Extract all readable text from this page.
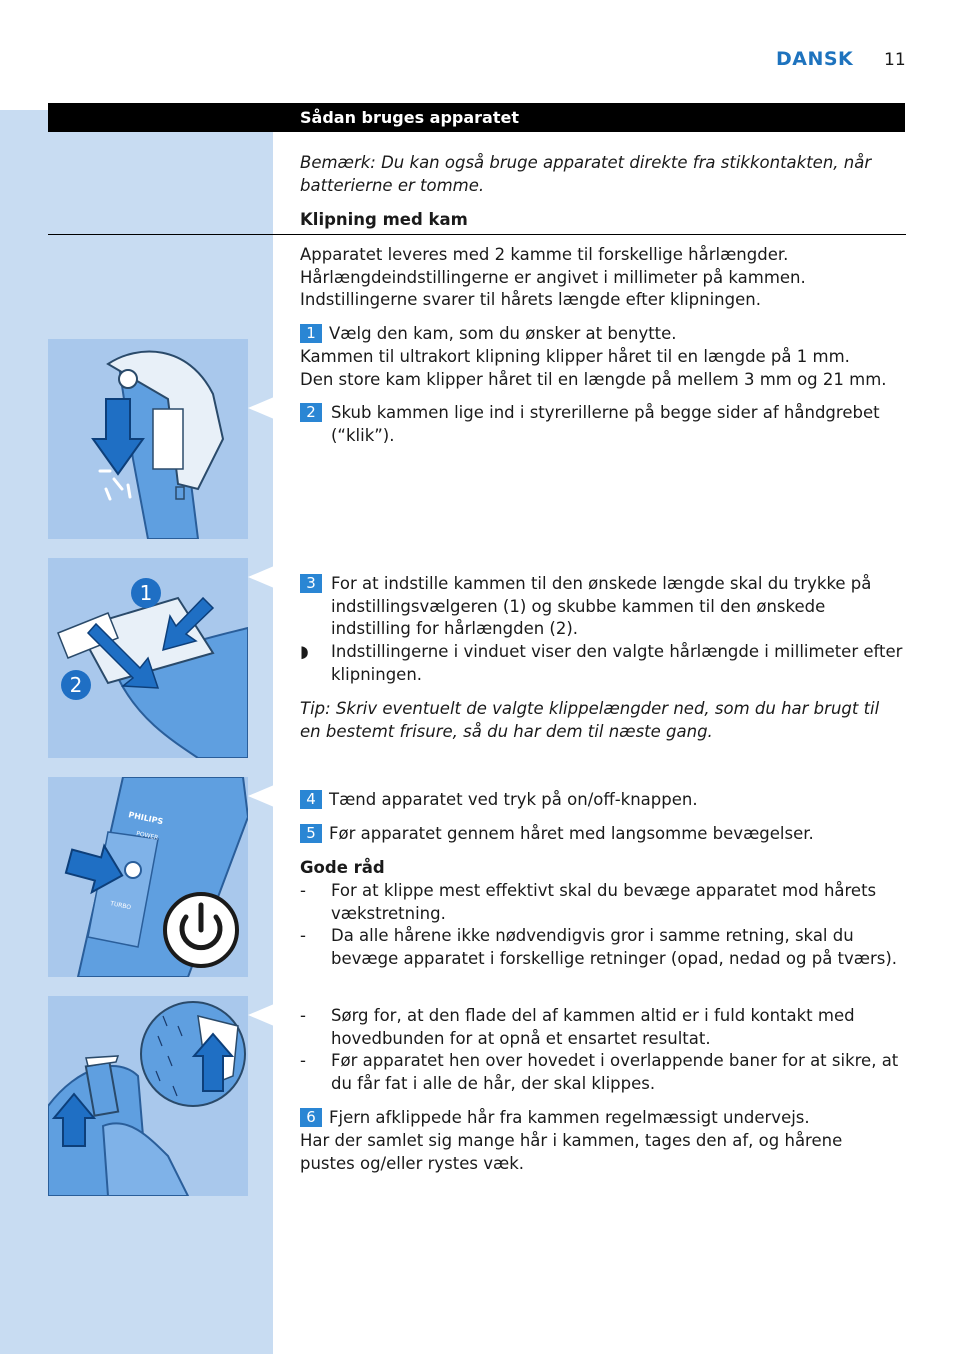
DANSK 11
Sådan bruges apparatet
Bemærk: Du kan også bruge apparatet direkte fra stikkontakten, når batterierne er tomme.
Klipning med kam
Apparatet leveres med 2 kamme til forskellige hårlængder.
Hårlængdeindstillingerne er angivet i millimeter på kammen.
Indstillingerne svarer til hårets længde efter klipningen.
1 Vælg den kam, som du ønsker at benytte.
Kammen til ultrakort klipning klipper håret til en længde på 1 mm.
Den store kam klipper håret til en længde på mellem 3 mm og 21 mm.
2 Skub kammen lige ind i styrerillerne på begge sider af håndgrebet (“klik”).
3 For at indstille kammen til den ønskede længde skal du trykke på indstillingsvælgeren (1) og skubbe kammen til den ønskede indstilling for hårlængden (2).
◗ Indstillingerne i vinduet viser den valgte hårlængde i millimeter efter klipningen.
Tip: Skriv eventuelt de valgte klippelængder ned, som du har brugt til en bestemt frisure, så du har dem til næste gang.
4 Tænd apparatet ved tryk på on/off-knappen.
5 Før apparatet gennem håret med langsomme bevægelser.
Gode råd
- For at klippe mest effektivt skal du bevæge apparatet mod hårets vækstretning.
- Da alle hårene ikke nødvendigvis gror i samme retning, skal du bevæge apparatet i forskellige retninger (opad, nedad og på tværs).
- Sørg for, at den flade del af kammen altid er i fuld kontakt med hovedbunden for at opnå et ensartet resultat.
- Før apparatet hen over hovedet i overlappende baner for at sikre, at du får fat i alle de hår, der skal klippes.
6 Fjern afklippede hår fra kammen regelmæssigt undervejs.
Har der samlet sig mange hår i kammen, tages den af, og hårene pustes og/eller rystes væk.
1
2
PHILIPS
POWER
TURBO
